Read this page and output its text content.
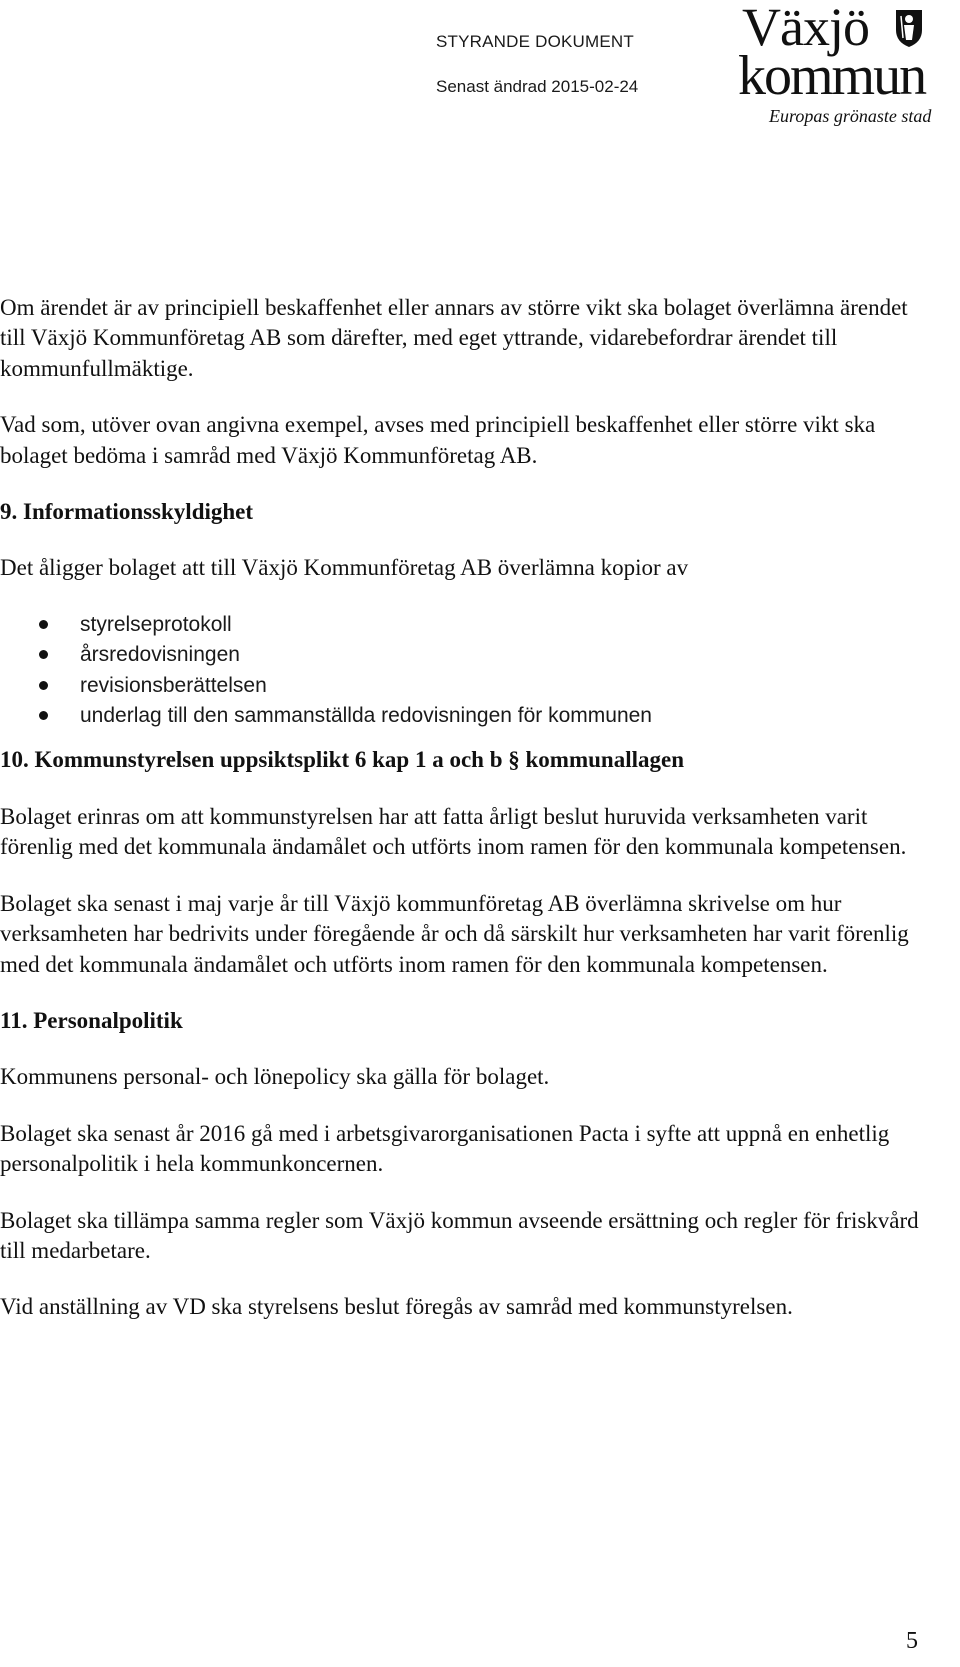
STYRANDE DOKUMENT
Senast ändrad 2015-02-24
Växjö
kommun
Europas grönaste stad

Om ärendet är av principiell beskaffenhet eller annars av större vikt ska bolaget överlämna ärendet till Växjö Kommunföretag AB som därefter, med eget yttrande, vidarebefordrar ärendet till kommunfullmäktige.

Vad som, utöver ovan angivna exempel, avses med principiell beskaffenhet eller större vikt ska bolaget bedöma i samråd med Växjö Kommunföretag AB.

9. Informationsskyldighet

Det åligger bolaget att till Växjö Kommunföretag AB överlämna kopior av

styrelseprotokoll
årsredovisningen
revisionsberättelsen
underlag till den sammanställda redovisningen för kommunen
10. Kommunstyrelsen uppsiktsplikt 6 kap 1 a och b § kommunallagen

Bolaget erinras om att kommunstyrelsen har att fatta årligt beslut huruvida verksamheten varit förenlig med det kommunala ändamålet och utförts inom ramen för den kommunala kompetensen.

Bolaget ska senast i maj varje år till Växjö kommunföretag AB överlämna skrivelse om hur verksamheten har bedrivits under föregående år och då särskilt hur verksamheten har varit förenlig med det kommunala ändamålet och utförts inom ramen för den kommunala kompetensen.

11. Personalpolitik

Kommunens personal- och lönepolicy ska gälla för bolaget.

Bolaget ska senast år 2016 gå med i arbetsgivarorganisationen Pacta i syfte att uppnå en enhetlig personalpolitik i hela kommunkoncernen.

Bolaget ska tillämpa samma regler som Växjö kommun avseende ersättning och regler för friskvård till medarbetare.

Vid anställning av VD ska styrelsens beslut föregås av samråd med kommunstyrelsen.

5
